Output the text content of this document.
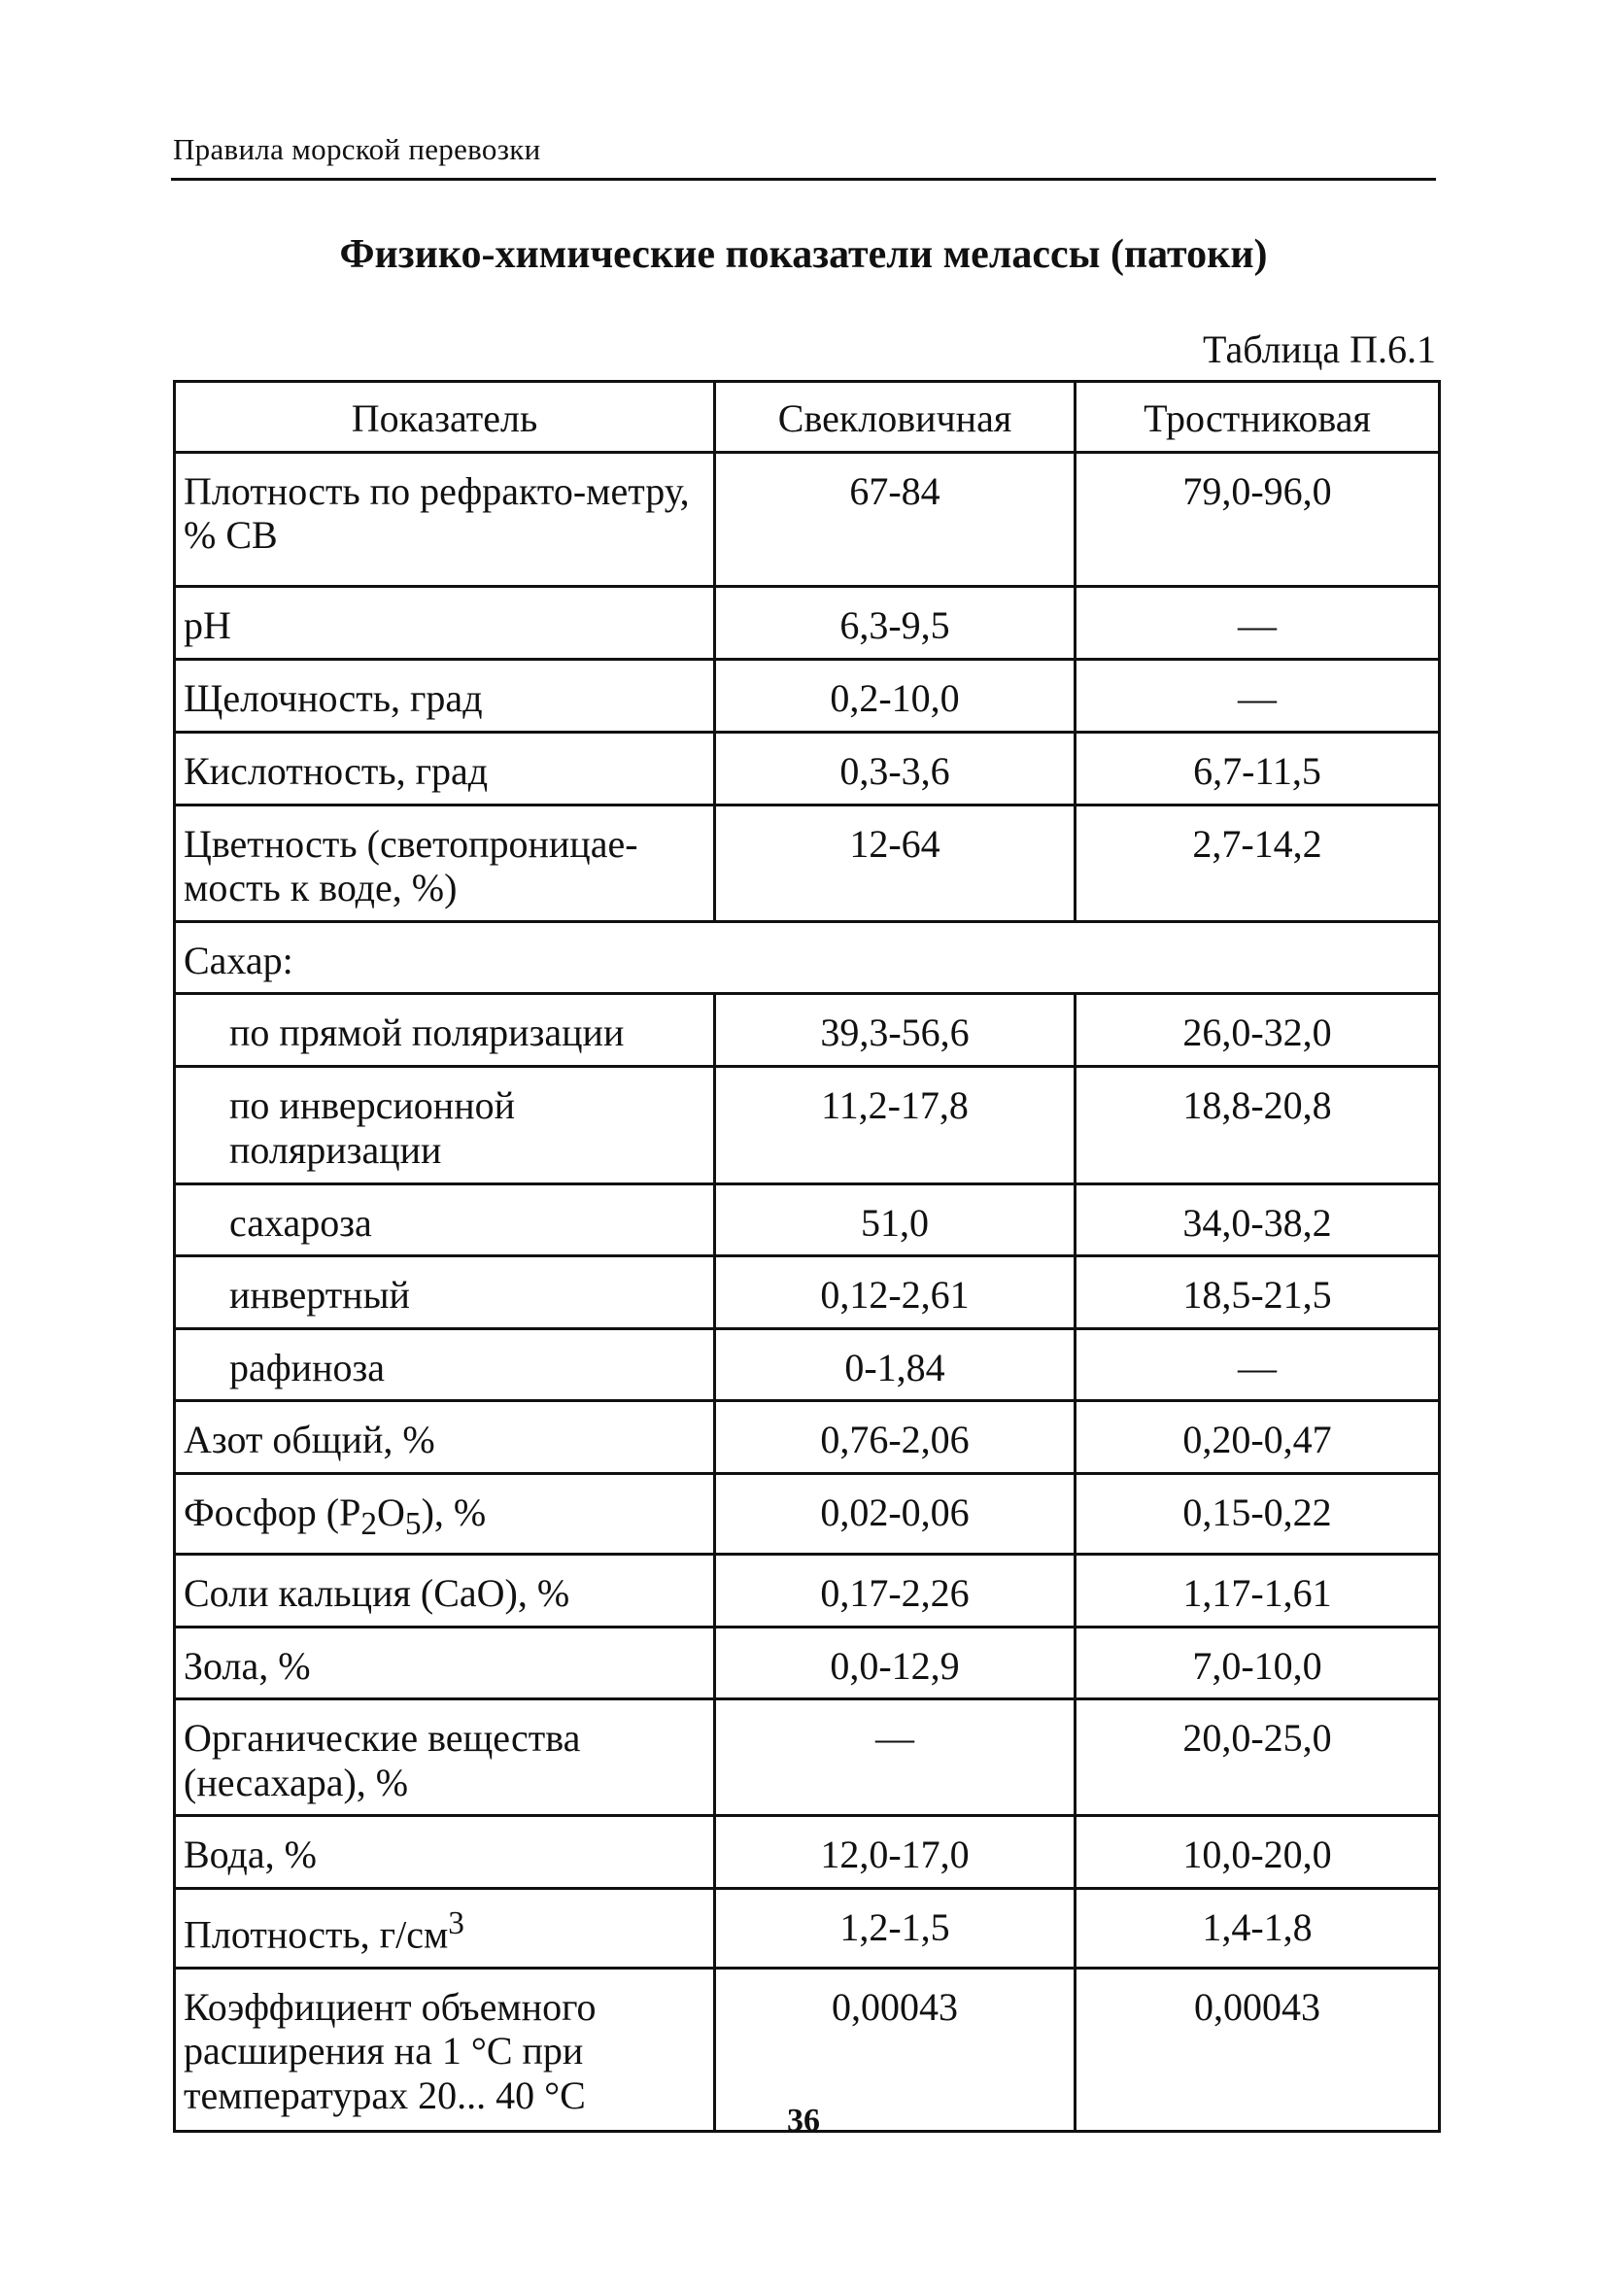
Правила морской перевозки
Физико-химические показатели мелассы (патоки)
Таблица П.6.1
Показатель	Свекловичная	Тростниковая
Плотность по рефракто-метру, % СВ	67-84	79,0-96,0
pH	6,3-9,5	—
Щелочность, град	0,2-10,0	—
Кислотность, град	0,3-3,6	6,7-11,5
Цветность (светопроницае-мость к воде, %)	12-64	2,7-14,2
Сахар:		
по прямой поляризации	39,3-56,6	26,0-32,0
по инверсионной поляризации	11,2-17,8	18,8-20,8
сахароза	51,0	34,0-38,2
инвертный	0,12-2,61	18,5-21,5
рафиноза	0-1,84	—
Азот общий, %	0,76-2,06	0,20-0,47
Фосфор $(P_2O_5)$, %	0,02-0,06	0,15-0,22
Соли кальция (CaO), %	0,17-2,26	1,17-1,61
Зола, %	0,0-12,9	7,0-10,0
Органические вещества (несахара), %	—	20,0-25,0
Вода, %	12,0-17,0	10,0-20,0
Плотность, $г/см^3$	1,2-1,5	1,4-1,8
Коэффициент объемного расширения на 1 °С при температурах 20... 40 °С	0,00043	0,00043
36
